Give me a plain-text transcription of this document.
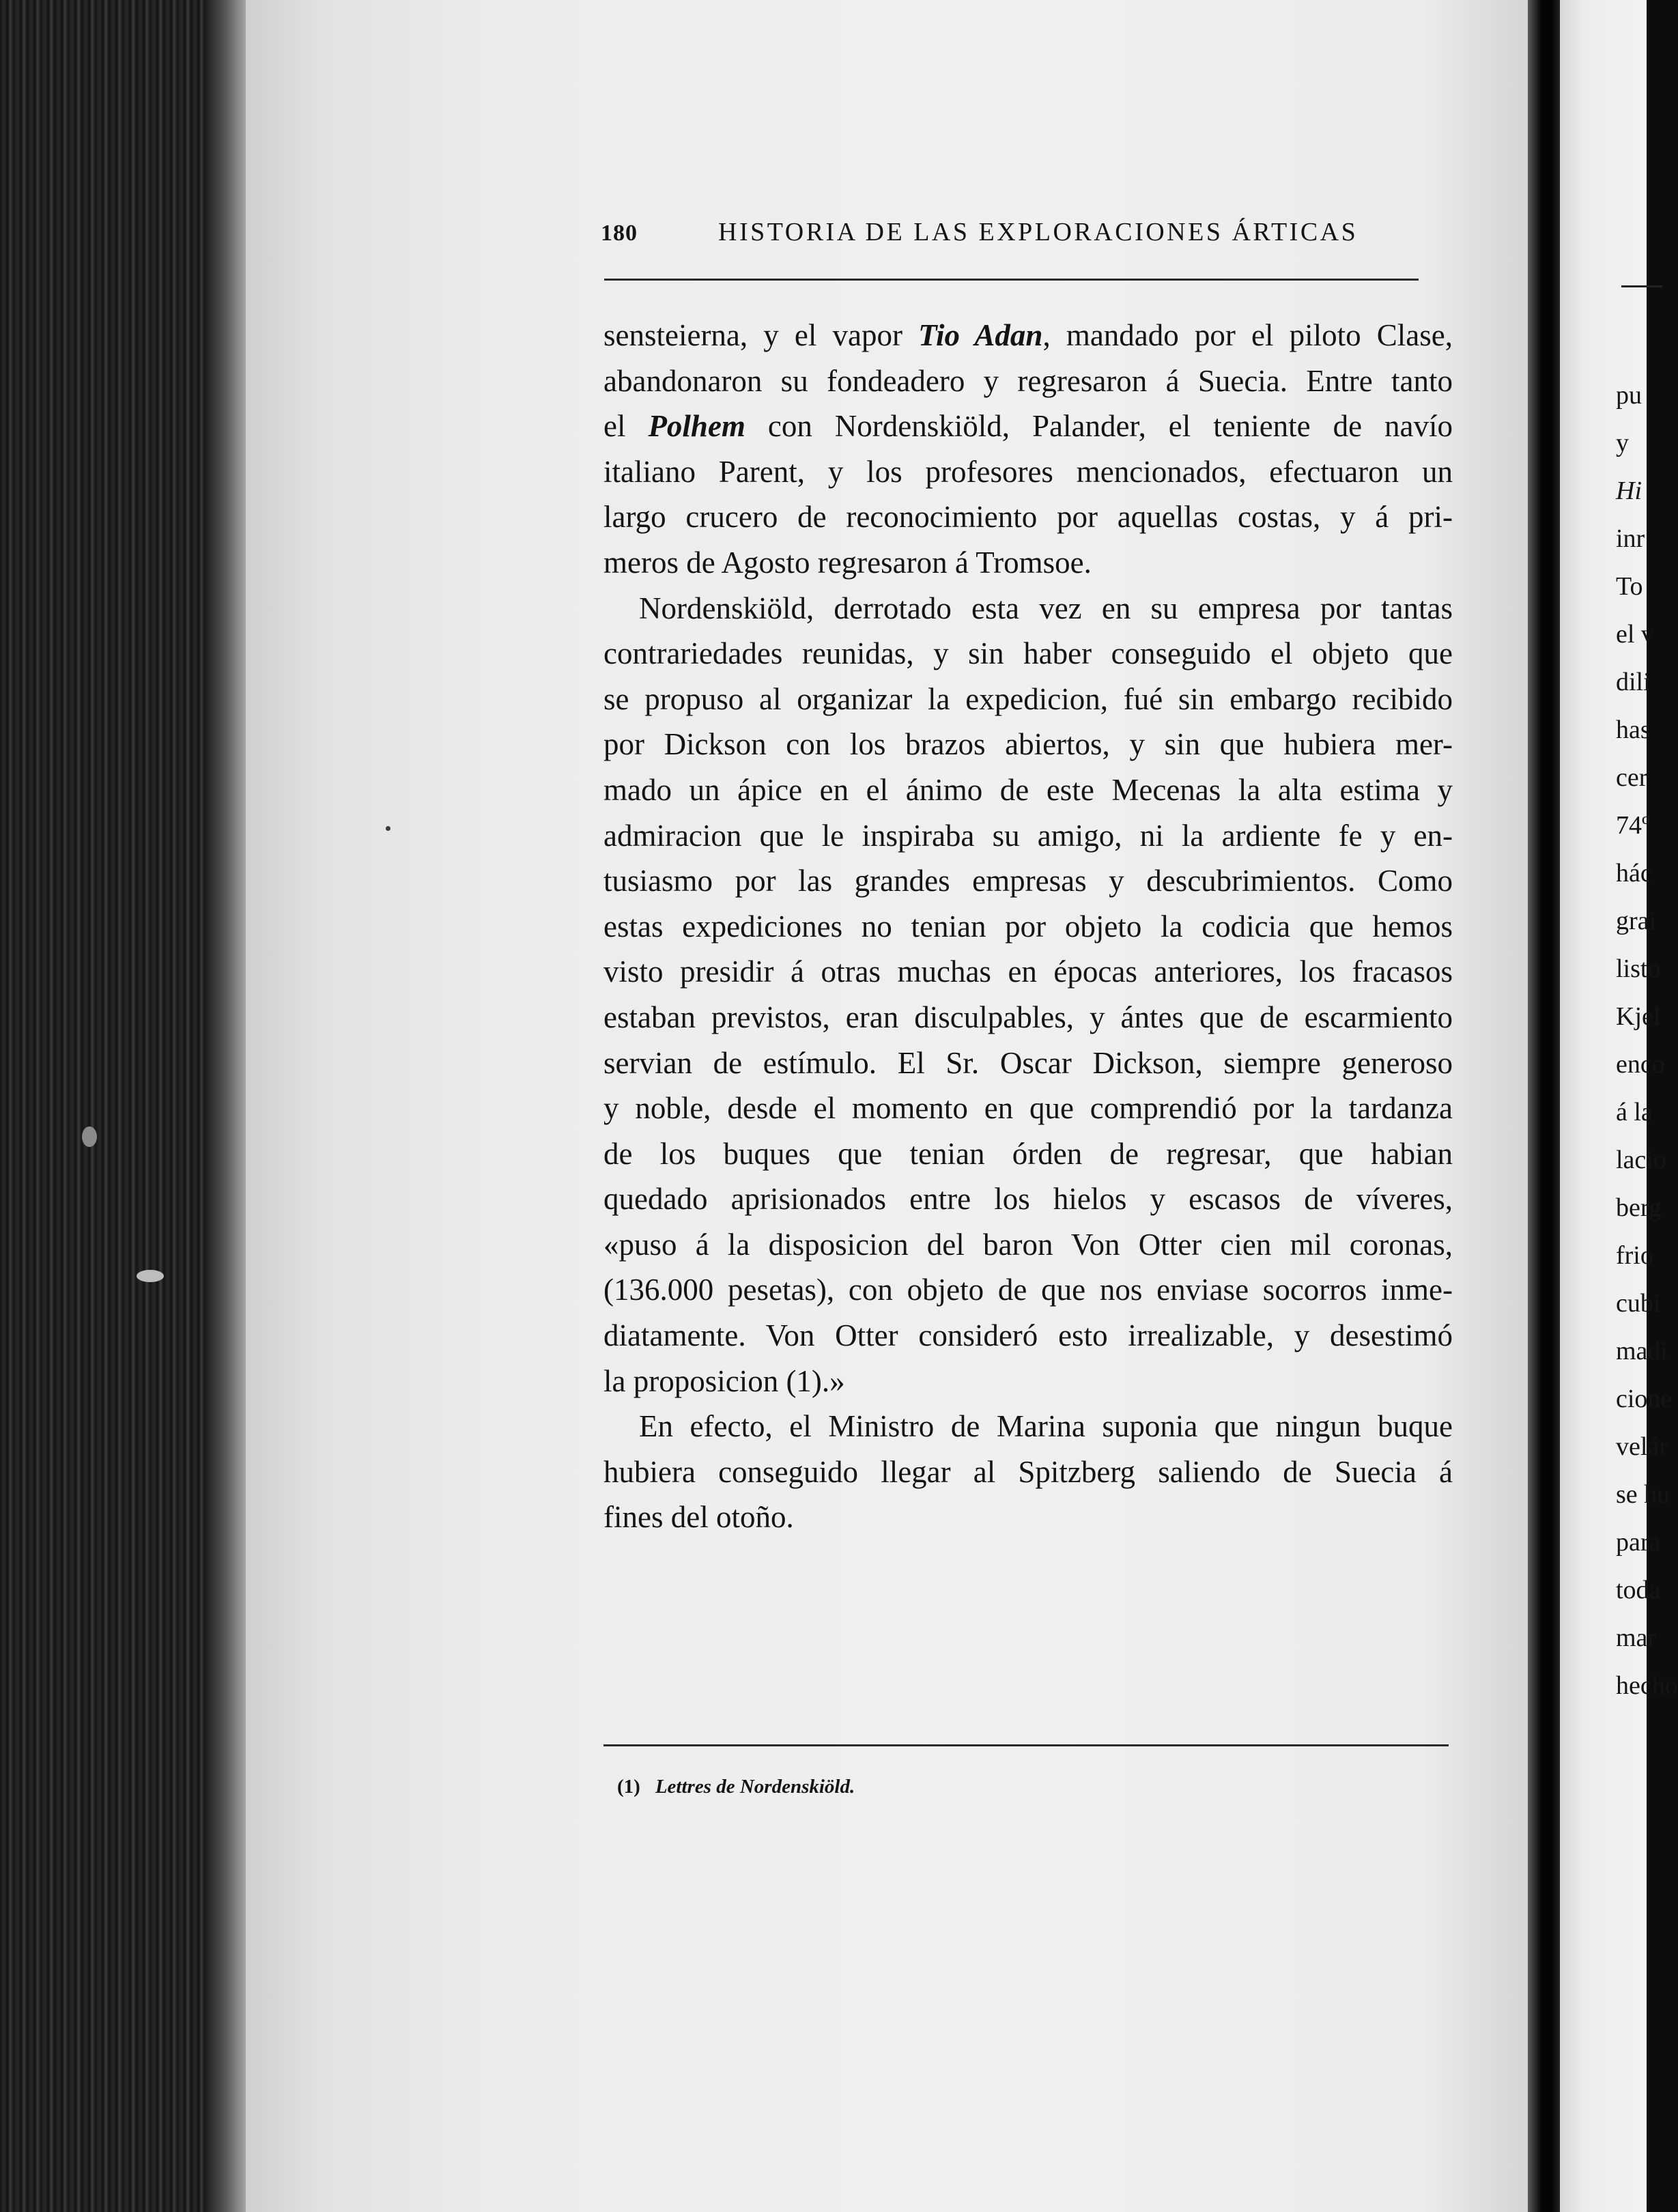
180	HISTORIA DE LAS EXPLORACIONES ÁRTICAS
sensteierna, y el vapor Tio Adan, mandado por el piloto Clase,
abandonaron su fondeadero y regresaron á Suecia. Entre tanto
el Polhem con Nordenskiöld, Palander, el teniente de navío
italiano Parent, y los profesores mencionados, efectuaron un
largo crucero de reconocimiento por aquellas costas, y á pri-
meros de Agosto regresaron á Tromsoe.
Nordenskiöld, derrotado esta vez en su empresa por tantas
contrariedades reunidas, y sin haber conseguido el objeto que
se propuso al organizar la expedicion, fué sin embargo recibido
por Dickson con los brazos abiertos, y sin que hubiera mer-
mado un ápice en el ánimo de este Mecenas la alta estima y
admiracion que le inspiraba su amigo, ni la ardiente fe y en-
tusiasmo por las grandes empresas y descubrimientos. Como
estas expediciones no tenian por objeto la codicia que hemos
visto presidir á otras muchas en épocas anteriores, los fracasos
estaban previstos, eran disculpables, y ántes que de escarmiento
servian de estímulo. El Sr. Oscar Dickson, siempre generoso
y noble, desde el momento en que comprendió por la tardanza
de los buques que tenian órden de regresar, que habian
quedado aprisionados entre los hielos y escasos de víveres,
«puso á la disposicion del baron Von Otter cien mil coronas,
(136.000 pesetas), con objeto de que nos enviase socorros inme-
diatamente. Von Otter consideró esto irrealizable, y desestimó
la proposicion (1).»
En efecto, el Ministro de Marina suponia que ningun buque
hubiera conseguido llegar al Spitzberg saliendo de Suecia á
fines del otoño.
(1) Lettres de Nordenskiöld.

pu

y

Hi

inr

To

el v

dili

has

cer

74º

hác

grai

listo

Kjel

enco

á la

lacio

berg

frio

cubi

madi

cione

velár

se hu

para

toda

mar

hecho
